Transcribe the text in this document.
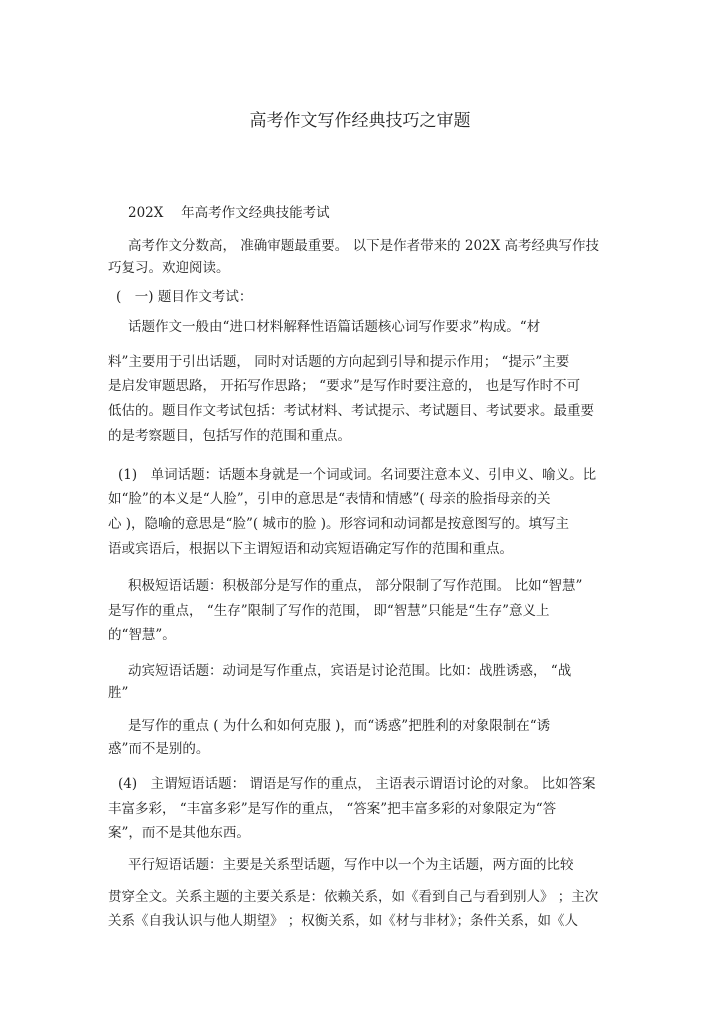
高考作文写作经典技巧之审题
202X　 年高考作文经典技能考试
高考作文分数高， 准确审题最重要。 以下是作者带来的 202X 高考经典写作技
巧复习。欢迎阅读。
(　一) 题目作文考试：
话题作文一般由“进口材料解释性语篇话题核心词写作要求”构成。“材
料”主要用于引出话题， 同时对话题的方向起到引导和提示作用； “提示”主要
是启发审题思路， 开拓写作思路； “要求”是写作时要注意的， 也是写作时不可
低估的。题目作文考试包括：考试材料、考试提示、考试题目、考试要求。最重要
的是考察题目，包括写作的范围和重点。
(1)　单词话题：话题本身就是一个词或词。名词要注意本义、引申义、喻义。比
如“脸”的本义是“人脸”，引申的意思是“表情和情感”( 母亲的脸指母亲的关
心 )，隐喻的意思是“脸”( 城市的脸 )。形容词和动词都是按意图写的。填写主
语或宾语后，根据以下主谓短语和动宾短语确定写作的范围和重点。
积极短语话题：积极部分是写作的重点， 部分限制了写作范围。 比如“智慧”
是写作的重点， “生存”限制了写作的范围， 即“智慧”只能是“生存”意义上
的“智慧”。
动宾短语话题：动词是写作重点，宾语是讨论范围。比如：战胜诱惑， “战
胜”
是写作的重点 ( 为什么和如何克服 )，而“诱惑”把胜利的对象限制在“诱
惑”而不是别的。
(4)　主谓短语话题： 谓语是写作的重点， 主语表示谓语讨论的对象。 比如答案
丰富多彩， “丰富多彩”是写作的重点， “答案”把丰富多彩的对象限定为“答
案”，而不是其他东西。
平行短语话题：主要是关系型话题，写作中以一个为主话题，两方面的比较
贯穿全文。关系主题的主要关系是：依赖关系，如《看到自己与看到别人》 ；主次
关系《自我认识与他人期望》 ；权衡关系，如《材与非材》；条件关系，如《人
